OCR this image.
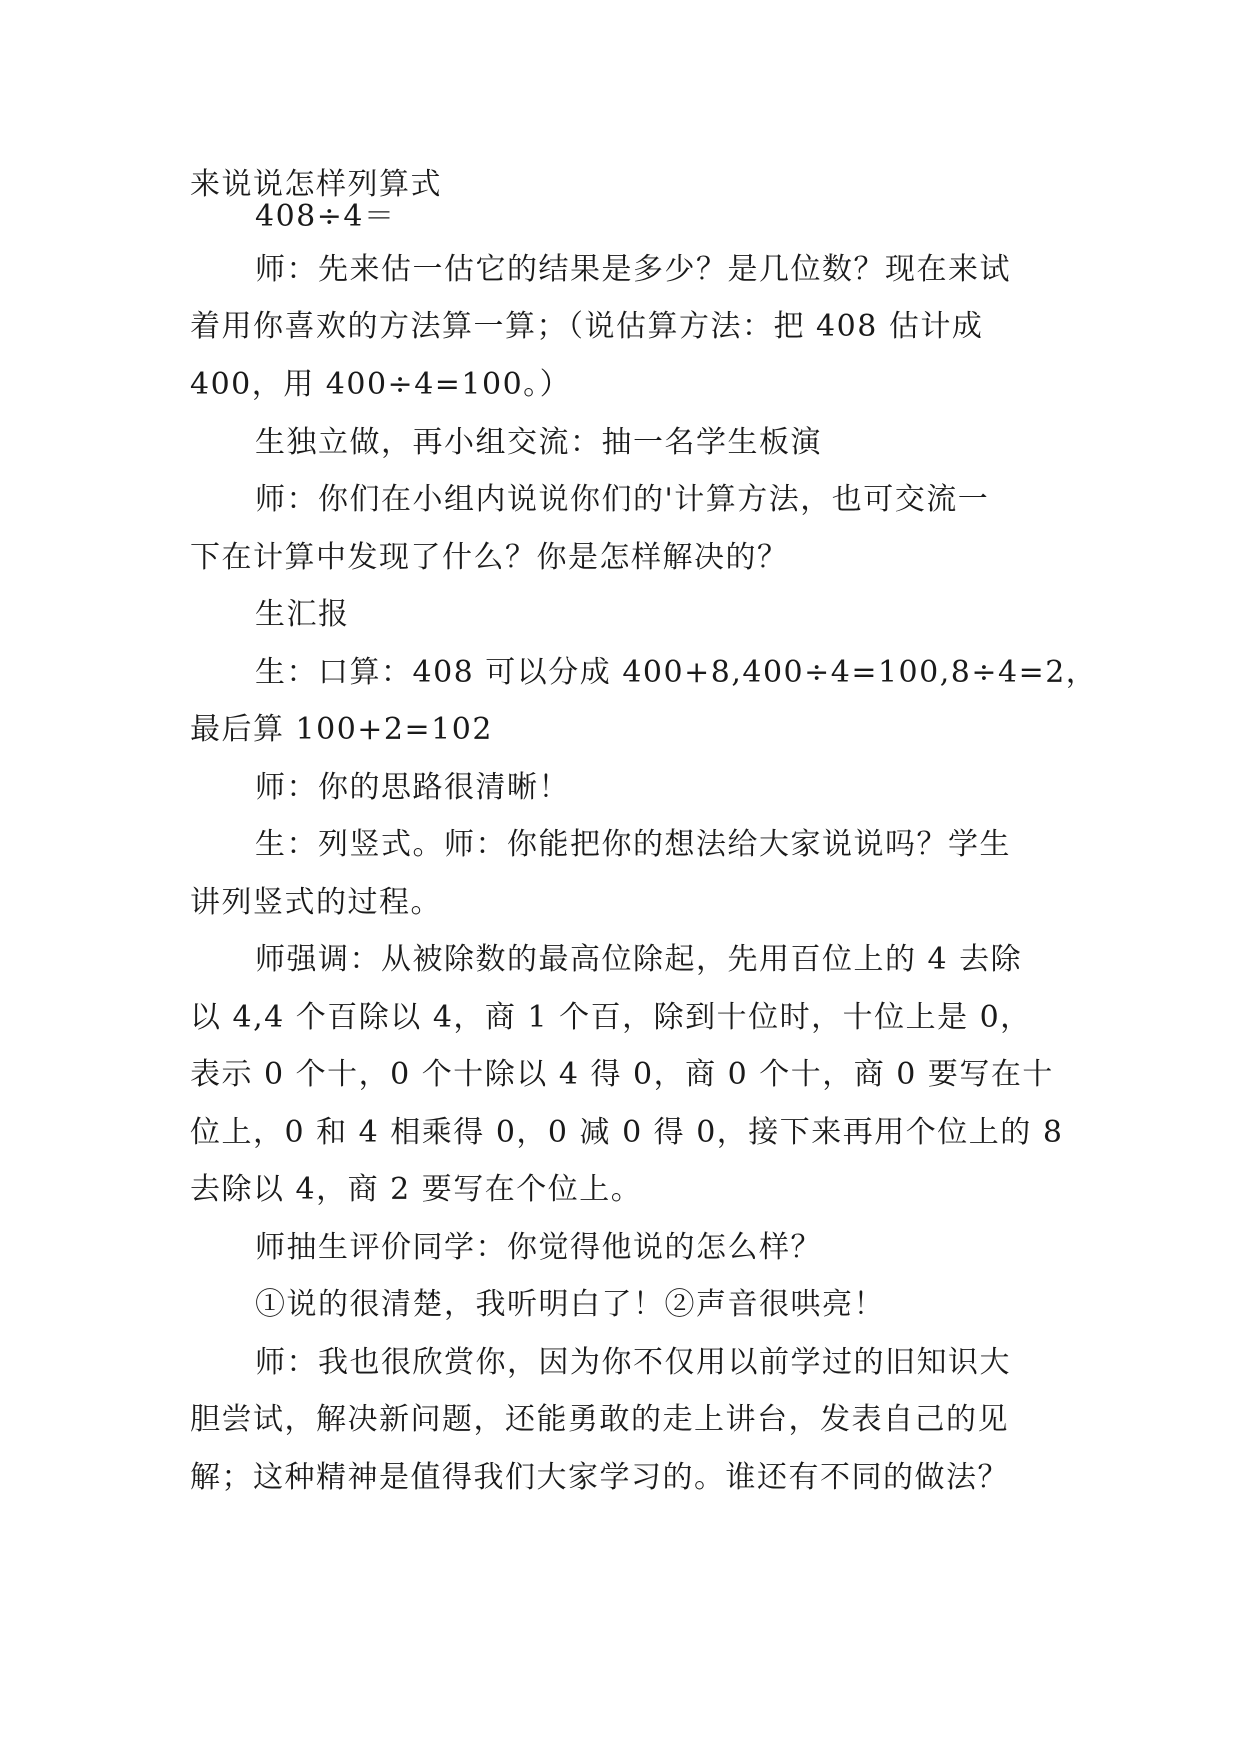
来说说怎样列算式
408÷4＝
师：先来估一估它的结果是多少？是几位数？现在来试
着用你喜欢的方法算一算；（说估算方法：把 408 估计成
400，用 400÷4=100。）
生独立做，再小组交流：抽一名学生板演
师：你们在小组内说说你们的'计算方法，也可交流一
下在计算中发现了什么？你是怎样解决的？
生汇报
生：口算：408 可以分成 400+8,400÷4=100,8÷4=2，
最后算 100+2=102
师：你的思路很清晰！
生：列竖式。师：你能把你的想法给大家说说吗？学生
讲列竖式的过程。
师强调：从被除数的最高位除起，先用百位上的 4 去除
以 4,4 个百除以 4，商 1 个百，除到十位时，十位上是 0，
表示 0 个十，0 个十除以 4 得 0，商 0 个十，商 0 要写在十
位上，0 和 4 相乘得 0，0 减 0 得 0，接下来再用个位上的 8
去除以 4，商 2 要写在个位上。
师抽生评价同学：你觉得他说的怎么样？
①说的很清楚，我听明白了！②声音很哄亮！
师：我也很欣赏你，因为你不仅用以前学过的旧知识大
胆尝试，解决新问题，还能勇敢的走上讲台，发表自己的见
解；这种精神是值得我们大家学习的。谁还有不同的做法？
